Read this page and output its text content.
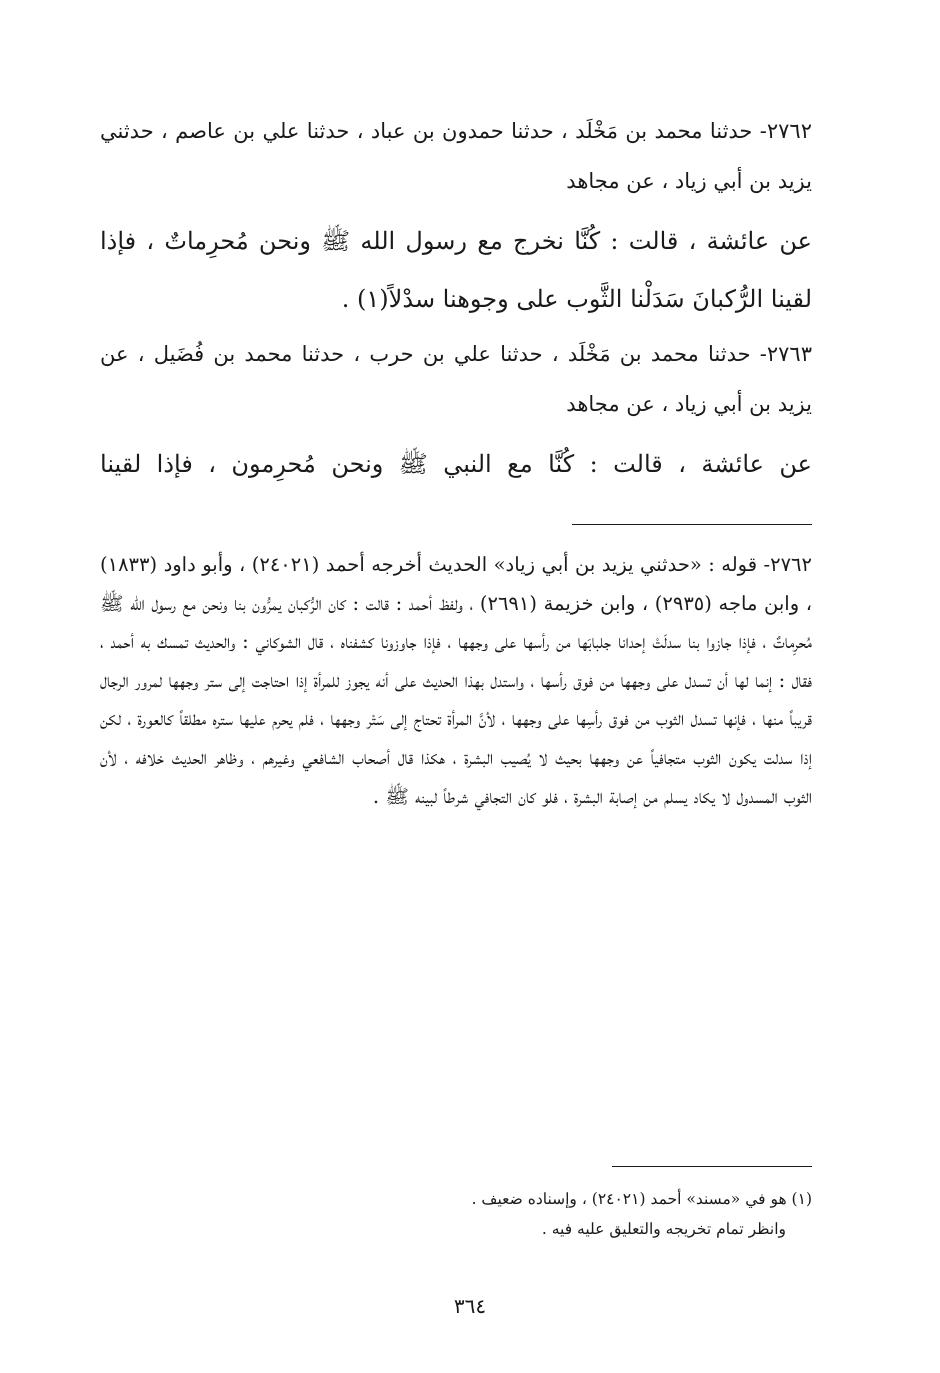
٢٧٦٢- حدثنا محمد بن مَخْلَد ، حدثنا حمدون بن عباد ، حدثنا علي بن عاصم ، حدثني يزيد بن أبي زياد ، عن مجاهد

عن عائشة ، قالت : كُنَّا نخرج مع رسول الله ﷺ ونحن مُحرِماتٌ ، فإذا لقينا الرُّكبانَ سَدَلْنا الثَّوب على وجوهنا سدْلاً(١) .

٢٧٦٣- حدثنا محمد بن مَخْلَد ، حدثنا علي بن حرب ، حدثنا محمد بن فُضَيل ، عن يزيد بن أبي زياد ، عن مجاهد

عن عائشة ، قالت : كُنَّا مع النبي ﷺ ونحن مُحرِمون ، فإذا لقينا

٢٧٦٢- قوله : «حدثني يزيد بن أبي زياد» الحديث أخرجه أحمد (٢٤٠٢١) ، وأبو داود (١٨٣٣) ، وابن ماجه (٢٩٣٥) ، وابن خزيمة (٢٦٩١) ، ولفظ أحمد : قالت : كان الرُّكبان يمرُّون بنا ونحن مع رسول الله ﷺ مُحرِماتٌ ، فإذا جازوا بنا سدلَتْ إحدانا جلبابَها من رأسها على وجهها ، فإذا جاوزونا كشفناه ، قال الشوكاني : والحديث تمسك به أحمد ، فقال : إنما لها أن تسدل على وجهها من فوق رأسها ، واستدل بهذا الحديث على أنه يجوز للمرأة إذا احتاجت إلى ستر وجهها لمرور الرجال قريباً منها ، فإنها تسدل الثوب من فوق رأسِها على وجهها ، لأنَّ المرأة تحتاج إلى سَتْر وجهها ، فلم يحرم عليها ستره مطلقاً كالعورة ، لكن إذا سدلت يكون الثوب متجافياً عن وجهها بحيث لا يُصيب البشرة ، هكذا قال أصحاب الشافعي وغيرهم ، وظاهر الحديث خلافه ، لأن الثوب المسدول لا يكاد يسلم من إصابة البشرة ، فلو كان التجافي شرطاً لبينه ﷺ .

(١) هو في «مسند» أحمد (٢٤٠٢١) ، وإسناده ضعيف .
وانظر تمام تخريجه والتعليق عليه فيه .
٣٦٤
